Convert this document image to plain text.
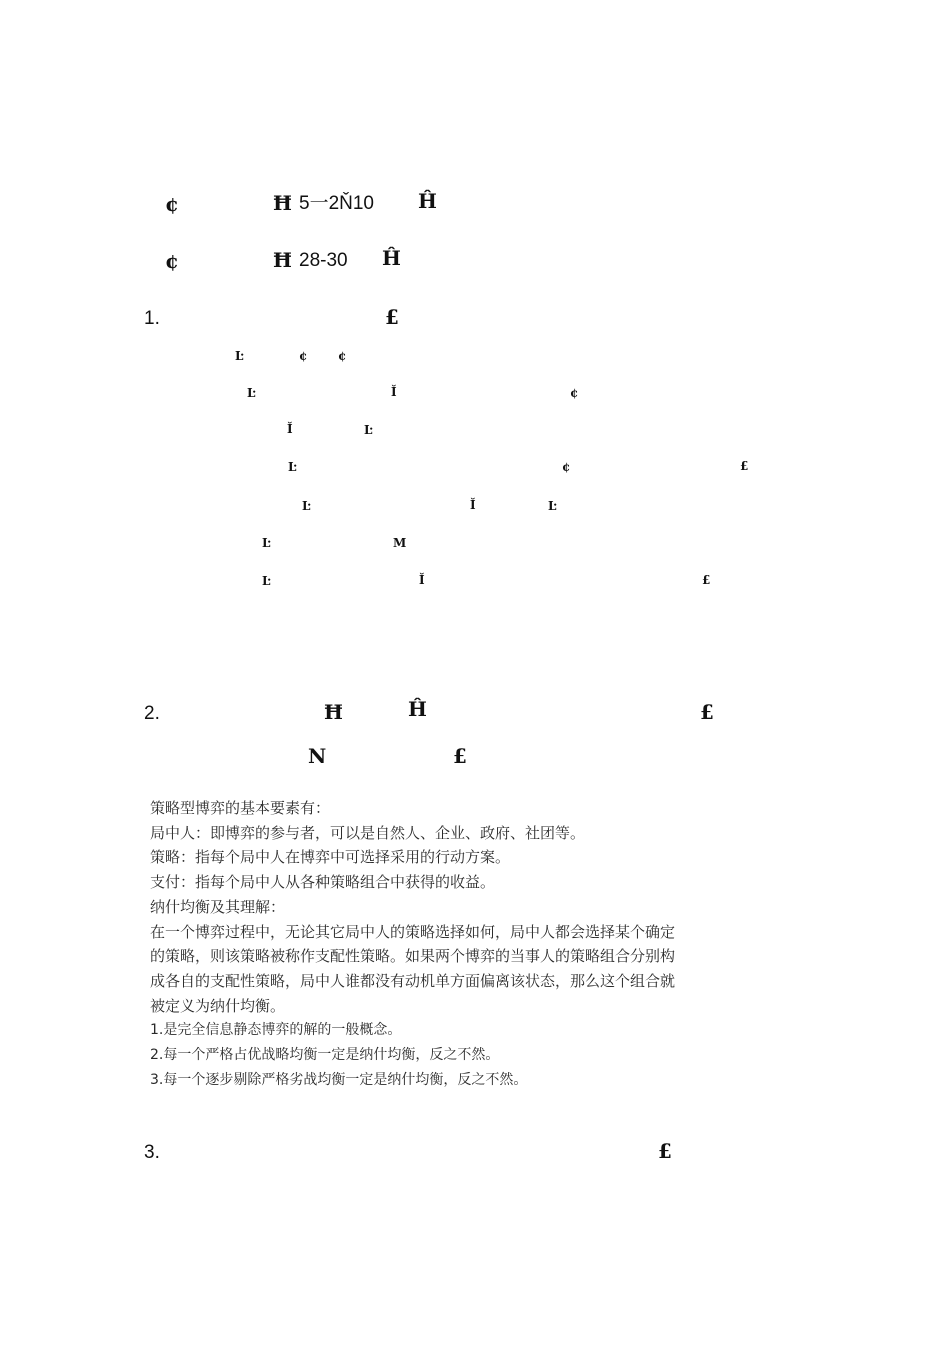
¢	Ħ 5一2Ň10 Ĥ
¢	Ħ 28-30 Ĥ
1.	£
Ŀ	¢	¢
Ŀ	Ĭ	¢
Ĭ	Ŀ
Ŀ	¢	£
Ŀ	Ĭ	Ŀ
Ŀ	M
Ŀ	Ĭ	£
2.	Ħ	Ĥ	£
N	£
策略型博弈的基本要素有：
局中人：即博弈的参与者，可以是自然人、企业、政府、社团等。
策略：指每个局中人在博弈中可选择采用的行动方案。
支付：指每个局中人从各种策略组合中获得的收益。
纳什均衡及其理解：
在一个博弈过程中，无论其它局中人的策略选择如何，局中人都会选择某个确定
的策略，则该策略被称作支配性策略。如果两个博弈的当事人的策略组合分别构
成各自的支配性策略，局中人谁都没有动机单方面偏离该状态，那么这个组合就
被定义为纳什均衡。
1.是完全信息静态博弈的解的一般概念。
2.每一个严格占优战略均衡一定是纳什均衡，反之不然。
3.每一个逐步剔除严格劣战均衡一定是纳什均衡，反之不然。
3.	£
